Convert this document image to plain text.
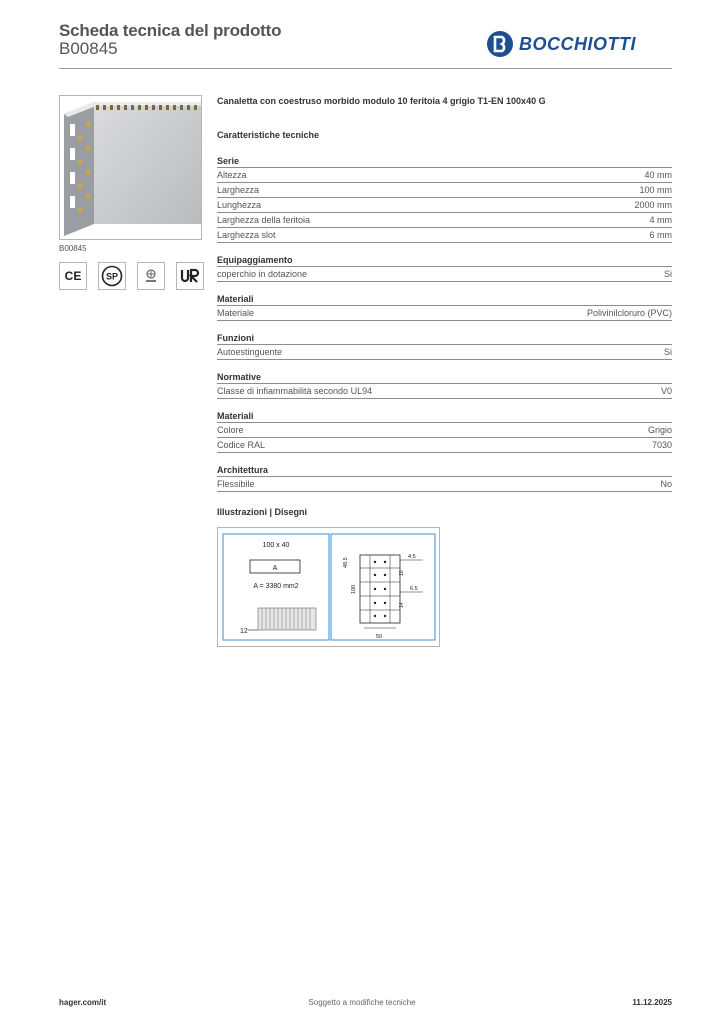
Scheda tecnica del prodotto
B00845	BOCCHIOTTI
B00845
CE	SP
Canaletta con coestruso morbido modulo 10 feritoia 4 grigio T1-EN 100x40 G
Caratteristiche tecniche
Serie
Altezza	40 mm
Larghezza	100 mm
Lunghezza	2000 mm
Larghezza della feritoia	4 mm
Larghezza slot	6 mm
Equipaggiamento
coperchio in dotazione	Si
Materiali
Materiale	Polivinilcloruro (PVC)
Funzioni
Autoestinguente	Si
Normative
Classe di infiammabilità secondo UL94	V0
Materiali
Colore	Grigio
Codice RAL	7030
Architettura
Flessibile	No
Illustrazioni | Disegni
100 x 40
A
A = 3380 mm2
12
48.5
100
4.5
6.5
50
10
14
Soggetto a modifiche tecniche
hager.com/it	11.12.2025
